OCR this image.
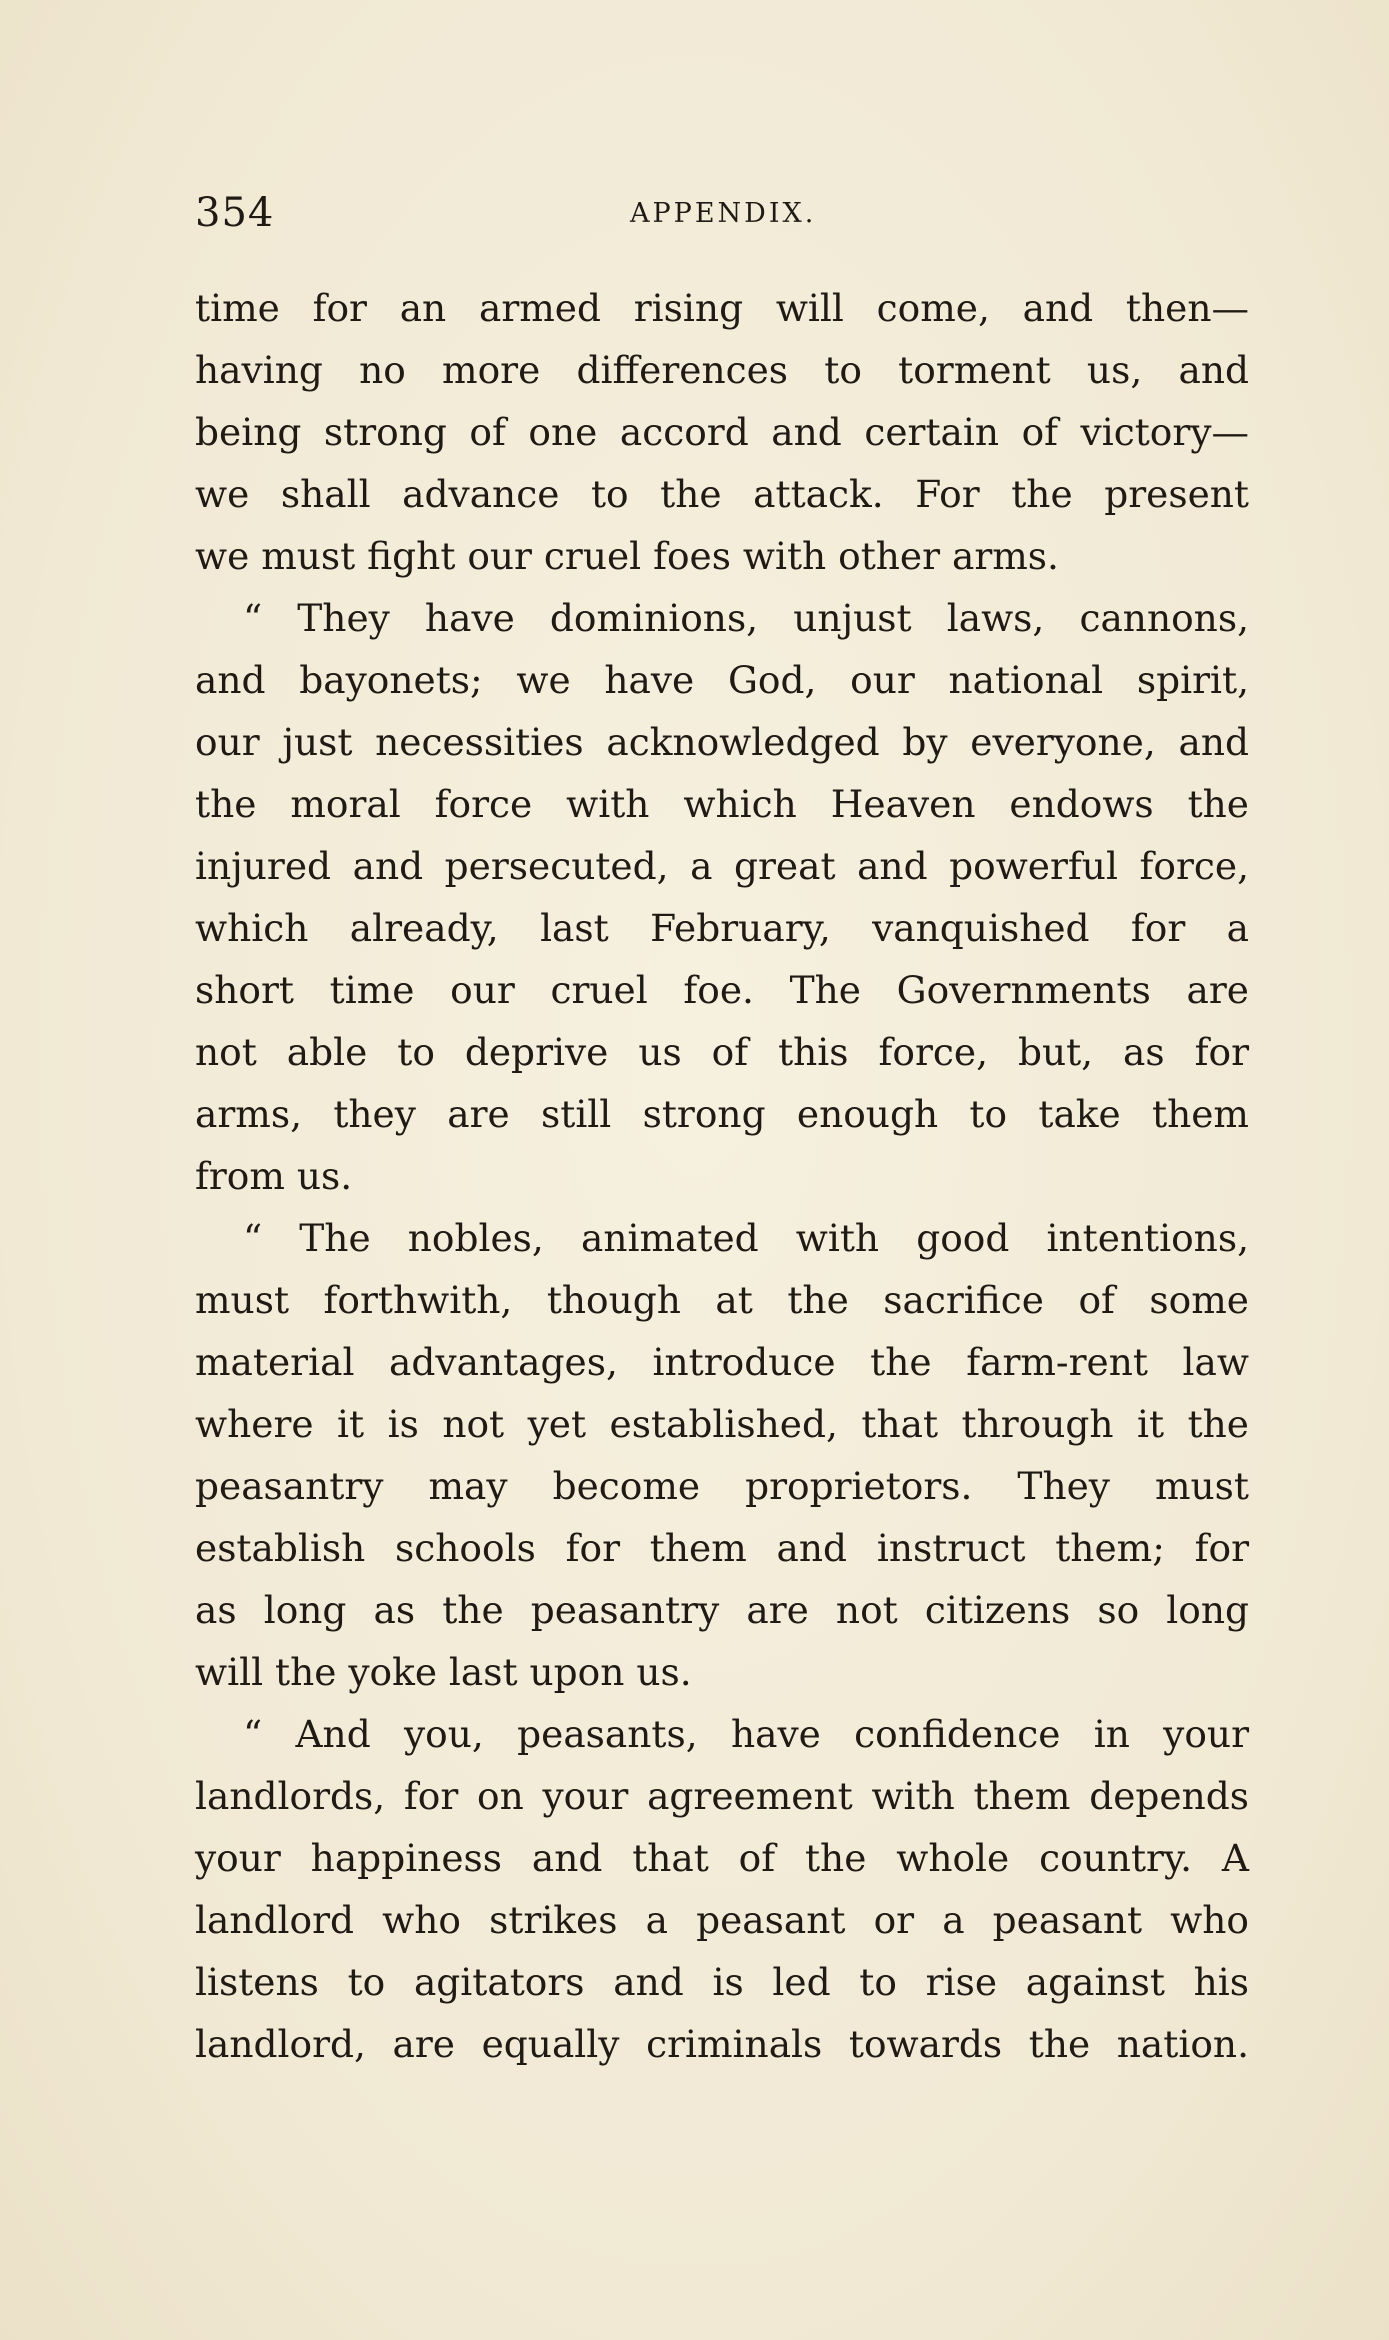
354	APPENDIX.
time for an armed rising will come, and then—
having no more differences to torment us, and
being strong of one accord and certain of victory—
we shall advance to the attack. For the present
we must fight our cruel foes with other arms.
“ They have dominions, unjust laws, cannons,
and bayonets; we have God, our national spirit,
our just necessities acknowledged by everyone, and
the moral force with which Heaven endows the
injured and persecuted, a great and powerful force,
which already, last February, vanquished for a
short time our cruel foe. The Governments are
not able to deprive us of this force, but, as for
arms, they are still strong enough to take them
from us.
“ The nobles, animated with good intentions,
must forthwith, though at the sacrifice of some
material advantages, introduce the farm-rent law
where it is not yet established, that through it the
peasantry may become proprietors. They must
establish schools for them and instruct them; for
as long as the peasantry are not citizens so long
will the yoke last upon us.
“ And you, peasants, have confidence in your
landlords, for on your agreement with them depends
your happiness and that of the whole country. A
landlord who strikes a peasant or a peasant who
listens to agitators and is led to rise against his
landlord, are equally criminals towards the nation.
